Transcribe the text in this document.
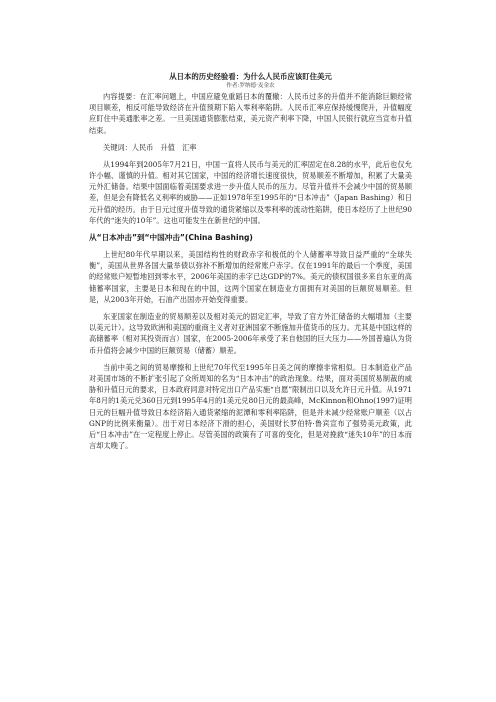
从日本的历史经验看：为什么人民币应该盯住美元
作者:罗纳德·麦金农

内容提要：在汇率问题上，中国应避免重蹈日本的覆辙：人民币过多的升值并不能消除巨额经常项目顺差，相反可能导致经济在升值预期下陷入零利率陷阱。人民币汇率应保持缓慢爬升，升值幅度应盯住中美通胀率之差。一旦美国通货膨胀结束，美元资产利率下降，中国人民银行就应当宣布升值结束。

关键词：人民币　升值　汇率

从1994年到2005年7月21日，中国一直将人民币与美元的汇率固定在8.28的水平，此后也仅允许小幅、谨慎的升值。相对其它国家，中国的经济增长速度很快，贸易顺差不断增加，积累了大量美元外汇储备。结果中国面临着美国要求进一步升值人民币的压力。尽管升值并不会减少中国的贸易顺差，但是会有降低名义利率的威胁——正如1978年至1995年的“日本冲击”（Japan Bashing）和日元升值的经历。由于日元过度升值导致的通货紧缩以及零利率的流动性陷阱，使日本经历了上世纪90年代的“迷失的10年”。这也可能发生在新世纪的中国。

从“日本冲击”到“中国冲击”(China Bashing)

上世纪80年代早期以来，美国结构性的财政赤字和极低的个人储蓄率导致日益严重的“全球失衡”，美国从世界各国大量举债以弥补不断增加的经常账户赤字。仅在1991年的最后一个季度，美国的经常账户短暂地回到零水平，2006年美国的赤字已达GDP的7%。美元的债权国很多来自东亚的高储蓄率国家，主要是日本和现在的中国，这两个国家在制造业方面拥有对美国的巨额贸易顺差。但是，从2003年开始，石油产出国亦开始变得重要。

东亚国家在制造业的贸易顺差以及相对美元的固定汇率，导致了官方外汇储备的大幅增加（主要以美元计）。这导致欧洲和美国的重商主义者对亚洲国家不断施加升值货币的压力。尤其是中国这样的高储蓄率（相对其投资而言）国家，在2005-2006年承受了来自他国的巨大压力——外国普遍认为货币升值将会减少中国的巨额贸易（储蓄）顺差。

当前中美之间的贸易摩擦和上世纪70年代至1995年日美之间的摩擦非常相似。日本制造业产品对美国市场的不断扩张引起了众所周知的名为“日本冲击”的政治现象。结果，面对美国贸易制裁的威胁和升值日元的要求，日本政府同意对特定出口产品实施“自愿”限制出口以及允许日元升值。从1971年8月的1美元兑360日元到1995年4月的1美元兑80日元的最高峰，McKinnon和Ohno(1997)证明日元的巨幅升值导致日本经济陷入通货紧缩的泥潭和零利率陷阱，但是并未减少经常账户顺差（以占GNP的比例来衡量）。出于对日本经济下滑的担心，美国财长罗伯特·鲁宾宣布了强势美元政策，此后“日本冲击”在一定程度上停止。尽管美国的政策有了可喜的变化，但是对挽救“迷失10年”的日本而言却太晚了。
